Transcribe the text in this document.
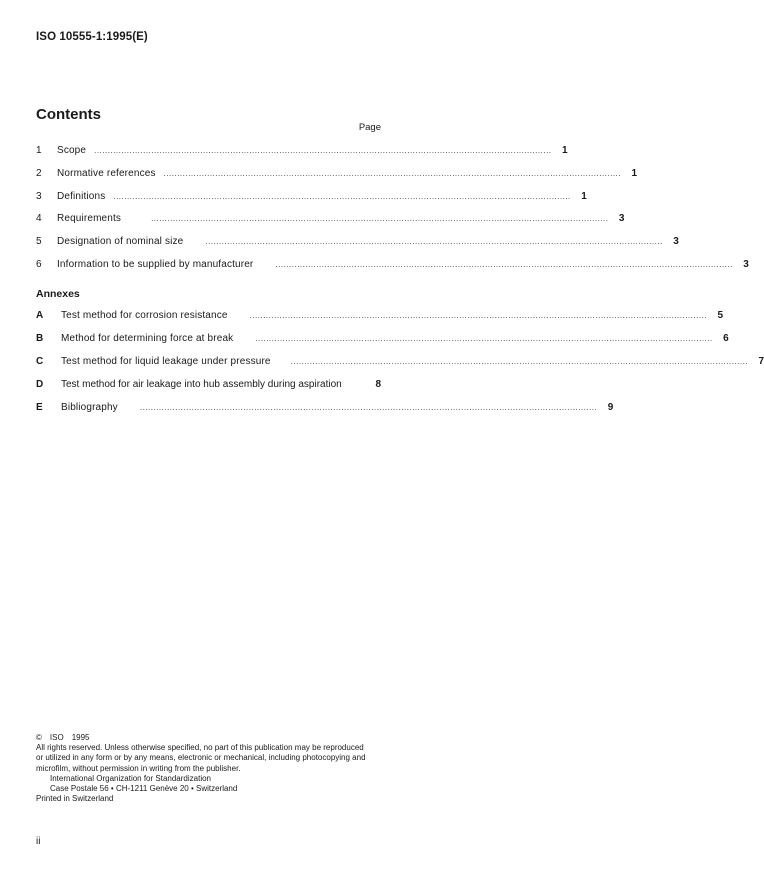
ISO 10555-1:1995(E)
Contents
Page
1	Scope ........................................................................................................................................................................	1
2	Normative references ........................................................................................................................................................................	1
3	Definitions ........................................................................................................................................................................	1
4	Requirements	........................................................................................................................................................................	3
5	Designation of nominal size	........................................................................................................................................................................	3
6	Information to be supplied by manufacturer	........................................................................................................................................................................	3
Annexes
A	Test method for corrosion resistance	........................................................................................................................................................................	5
B	Method for determining force at break	........................................................................................................................................................................	6
C	Test method for liquid leakage under pressure	........................................................................................................................................................................	7
D	Test method for air leakage into hub assembly during aspiration	8
E	Bibliography	........................................................................................................................................................................	9
© ISO 1995
All rights reserved. Unless otherwise specified, no part of this publication may be reproduced
or utilized in any form or by any means, electronic or mechanical, including photocopying and
microfilm, without permission in writing from the publisher.
International Organization for Standardization
Case Postale 56 • CH-1211 Genève 20 • Switzerland
Printed in Switzerland
ii
